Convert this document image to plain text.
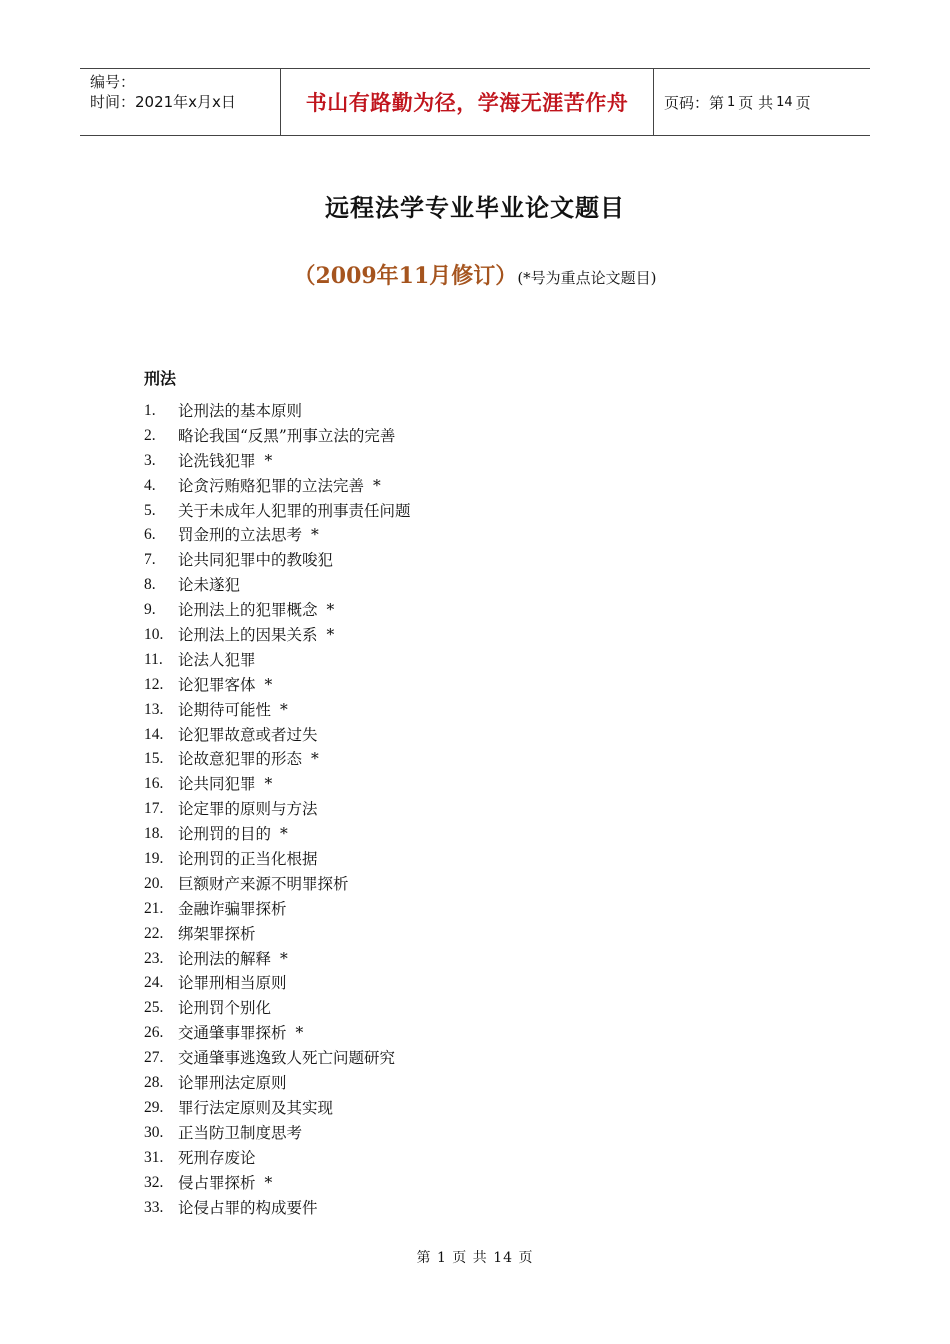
编号：
时间：2021年x月x日	书山有路勤为径，学海无涯苦作舟	页码：第 1 页 共 14 页
远程法学专业毕业论文题目
（2009年11月修订）(*号为重点论文题目)
刑法
1.	论刑法的基本原则
2.	略论我国“反黑”刑事立法的完善
3.	论洗钱犯罪 *
4.	论贪污贿赂犯罪的立法完善 *
5.	关于未成年人犯罪的刑事责任问题
6.	罚金刑的立法思考 *
7.	论共同犯罪中的教唆犯
8.	论未遂犯
9.	论刑法上的犯罪概念 *
10. 论刑法上的因果关系 *
11. 论法人犯罪
12. 论犯罪客体 *
13. 论期待可能性 *
14. 论犯罪故意或者过失
15. 论故意犯罪的形态 *
16. 论共同犯罪 *
17. 论定罪的原则与方法
18. 论刑罚的目的 *
19. 论刑罚的正当化根据
20. 巨额财产来源不明罪探析
21. 金融诈骗罪探析
22. 绑架罪探析
23. 论刑法的解释 *
24. 论罪刑相当原则
25. 论刑罚个别化
26. 交通肇事罪探析 *
27. 交通肇事逃逸致人死亡问题研究
28. 论罪刑法定原则
29. 罪行法定原则及其实现
30. 正当防卫制度思考
31. 死刑存废论
32. 侵占罪探析 *
33. 论侵占罪的构成要件
第 1 页 共 14 页
